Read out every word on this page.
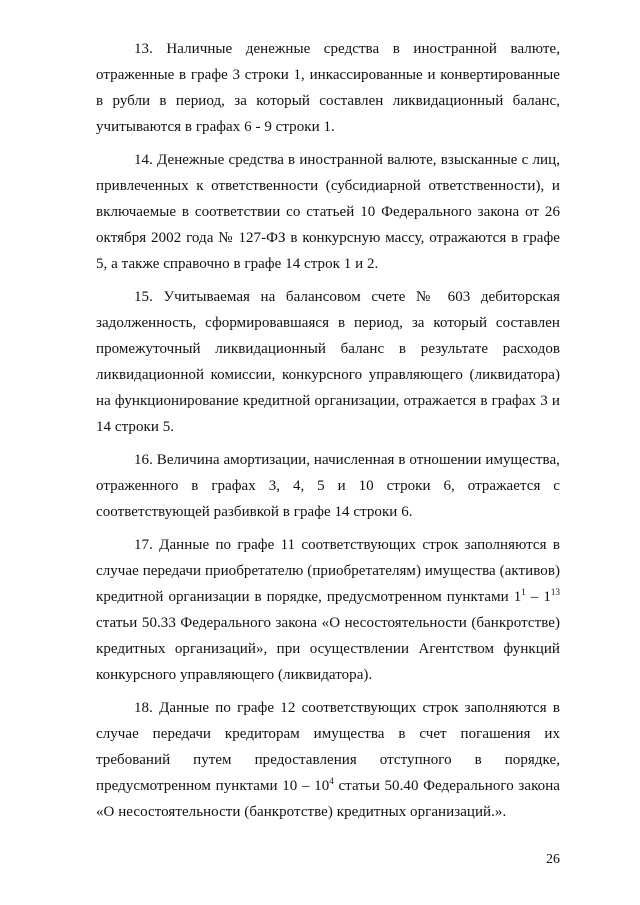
13. Наличные денежные средства в иностранной валюте, отраженные в графе 3 строки 1, инкассированные и конвертированные в рубли в период, за который составлен ликвидационный баланс, учитываются в графах 6 - 9 строки 1.

14. Денежные средства в иностранной валюте, взысканные с лиц, привлеченных к ответственности (субсидиарной ответственности), и включаемые в соответствии со статьей 10 Федерального закона от 26 октября 2002 года № 127-ФЗ в конкурсную массу, отражаются в графе 5, а также справочно в графе 14 строк 1 и 2.

15. Учитываемая на балансовом счете № 603 дебиторская задолженность, сформировавшаяся в период, за который составлен промежуточный ликвидационный баланс в результате расходов ликвидационной комиссии, конкурсного управляющего (ликвидатора) на функционирование кредитной организации, отражается в графах 3 и 14 строки 5.

16. Величина амортизации, начисленная в отношении имущества, отраженного в графах 3, 4, 5 и 10 строки 6, отражается с соответствующей разбивкой в графе 14 строки 6.

17. Данные по графе 11 соответствующих строк заполняются в случае передачи приобретателю (приобретателям) имущества (активов) кредитной организации в порядке, предусмотренном пунктами $1^1 - 1^{13}$ статьи 50.33 Федерального закона «О несостоятельности (банкротстве) кредитных организаций», при осуществлении Агентством функций конкурсного управляющего (ликвидатора).

18. Данные по графе 12 соответствующих строк заполняются в случае передачи кредиторам имущества в счет погашения их требований путем предоставления отступного в порядке, предусмотренном пунктами $10 - 10^4$ статьи 50.40 Федерального закона «О несостоятельности (банкротстве) кредитных организаций.».

26
